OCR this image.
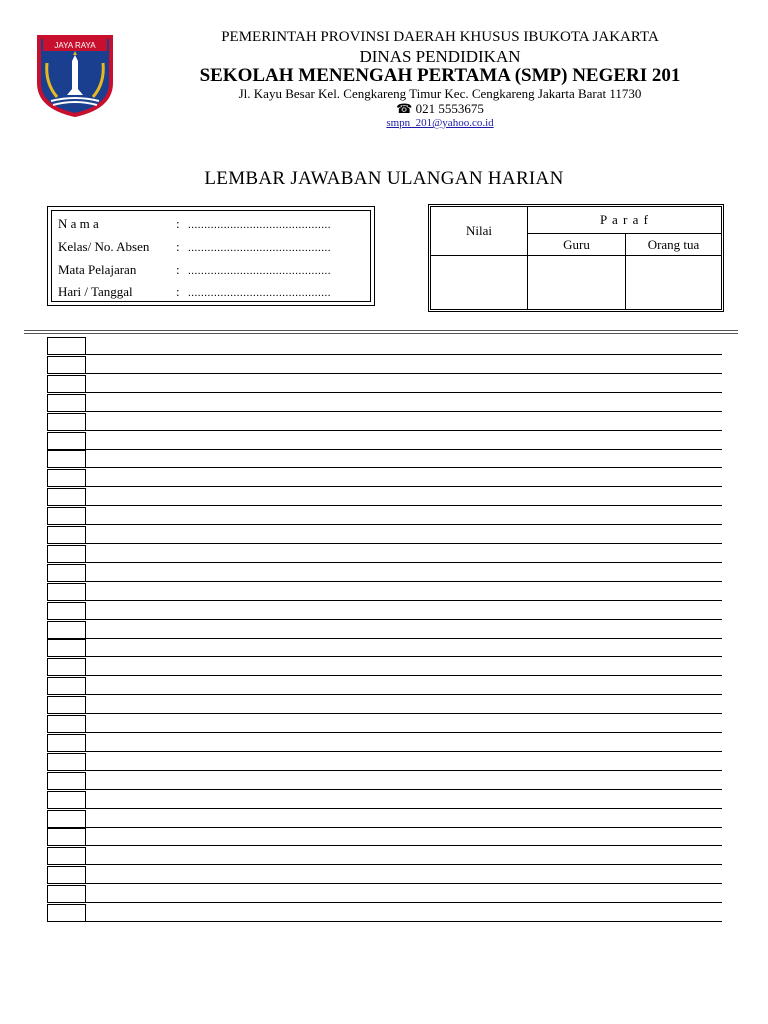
JAYA RAYA
PEMERINTAH PROVINSI DAERAH KHUSUS IBUKOTA JAKARTA
DINAS PENDIDIKAN
SEKOLAH MENENGAH PERTAMA (SMP) NEGERI 201
Jl. Kayu Besar Kel. Cengkareng Timur Kec. Cengkareng Jakarta Barat 11730
☎ 021 5553675
smpn_201@yahoo.co.id
LEMBAR JAWABAN ULANGAN HARIAN
N a m a	: ............................................
Kelas/ No. Absen : ............................................
Mata Pelajaran	: ............................................
Hari / Tanggal	: ............................................
Nilai	P a r a f	
	Guru	Orang tua
